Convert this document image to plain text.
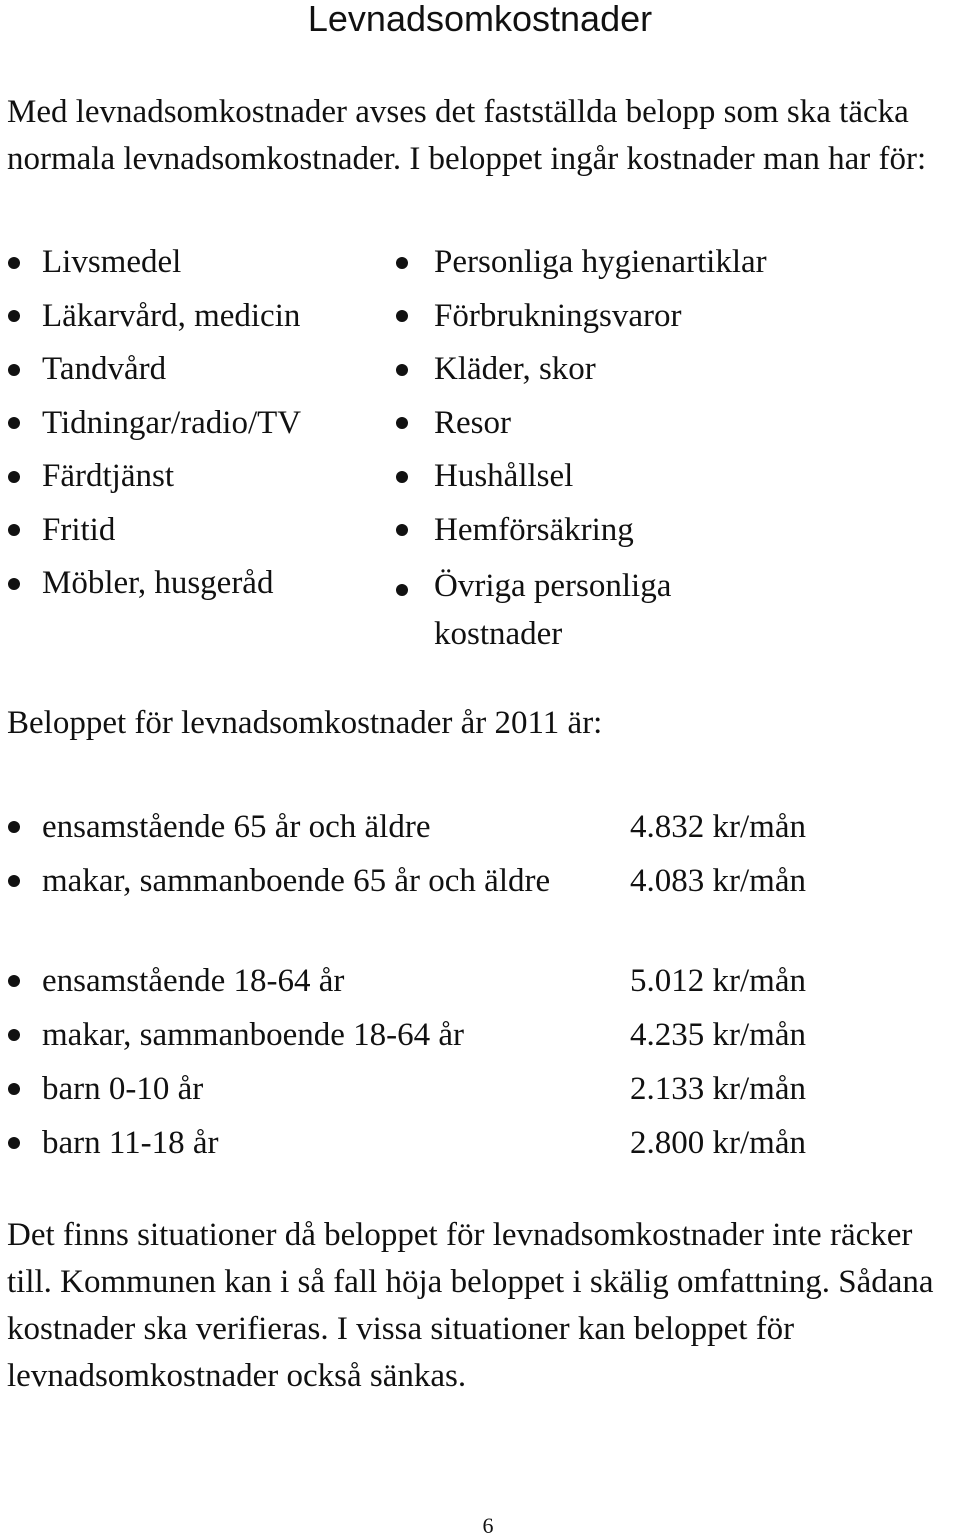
Levnadsomkostnader

Med levnadsomkostnader avses det fastställda belopp som ska täcka normala levnadsomkostnader. I beloppet ingår kostnader man har för:

Livsmedel
Läkarvård, medicin
Tandvård
Tidningar/radio/TV
Färdtjänst
Fritid
Möbler, husgeråd
Personliga hygienartiklar
Förbrukningsvaror
Kläder, skor
Resor
Hushållsel
Hemförsäkring
Övriga personliga kostnader

Beloppet för levnadsomkostnader år 2011 är:

ensamstående 65 år och äldre	4.832 kr/mån
makar, sammanboende 65 år och äldre	4.083 kr/mån
ensamstående 18-64 år	5.012 kr/mån
makar, sammanboende 18-64 år	4.235 kr/mån
barn 0-10 år	2.133 kr/mån
barn 11-18 år	2.800 kr/mån

Det finns situationer då beloppet för levnadsomkostnader inte räcker till. Kommunen kan i så fall höja beloppet i skälig omfattning. Sådana kostnader ska verifieras. I vissa situationer kan beloppet för levnadsomkostnader också sänkas.

6
